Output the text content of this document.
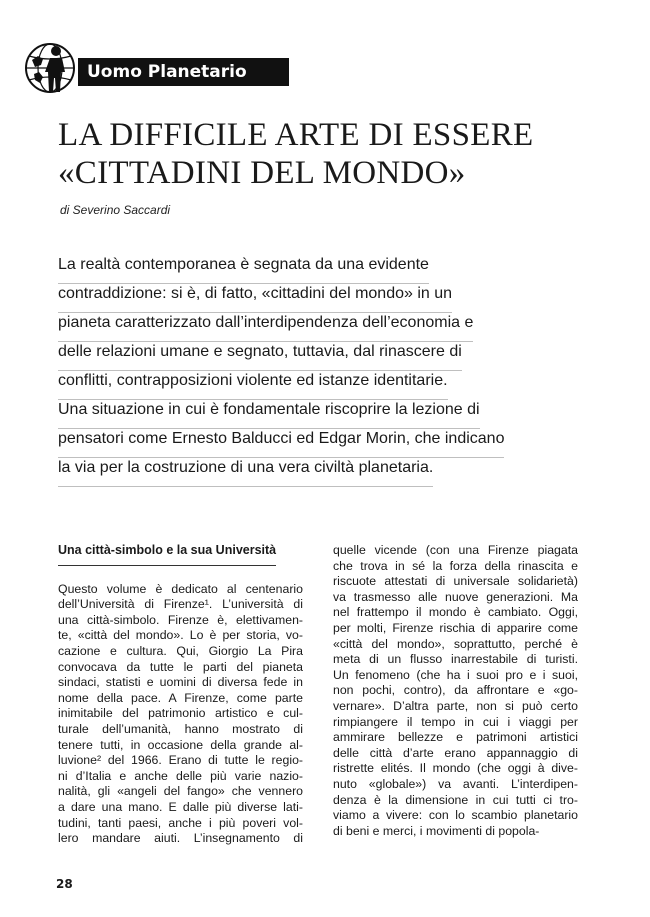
Uomo Planetario
LA DIFFICILE ARTE DI ESSERE
«CITTADINI DEL MONDO»
di Severino Saccardi
La realtà contemporanea è segnata da una evidente
contraddizione: si è, di fatto, «cittadini del mondo» in un
pianeta caratterizzato dall’interdipendenza dell’economia e
delle relazioni umane e segnato, tuttavia, dal rinascere di
conflitti, contrapposizioni violente ed istanze identitarie.
Una situazione in cui è fondamentale riscoprire la lezione di
pensatori come Ernesto Balducci ed Edgar Morin, che indicano
la via per la costruzione di una vera civiltà planetaria.
Una città-simbolo e la sua Università
Questo volume è dedicato al centenario
dell’Università di Firenze¹. L’università di
una città-simbolo. Firenze è, elettivamen-
te, «città del mondo». Lo è per storia, vo-
cazione e cultura. Qui, Giorgio La Pira
convocava da tutte le parti del pianeta
sindaci, statisti e uomini di diversa fede in
nome della pace. A Firenze, come parte
inimitabile del patrimonio artistico e cul-
turale dell’umanità, hanno mostrato di
tenere tutti, in occasione della grande al-
luvione² del 1966. Erano di tutte le regio-
ni d’Italia e anche delle più varie nazio-
nalità, gli «angeli del fango» che vennero
a dare una mano. E dalle più diverse lati-
tudini, tanti paesi, anche i più poveri vol-
lero mandare aiuti. L’insegnamento di
quelle vicende (con una Firenze piagata
che trova in sé la forza della rinascita e
riscuote attestati di universale solidarietà)
va trasmesso alle nuove generazioni. Ma
nel frattempo il mondo è cambiato. Oggi,
per molti, Firenze rischia di apparire come
«città del mondo», soprattutto, perché è
meta di un flusso inarrestabile di turisti.
Un fenomeno (che ha i suoi pro e i suoi,
non pochi, contro), da affrontare e «go-
vernare». D’altra parte, non si può certo
rimpiangere il tempo in cui i viaggi per
ammirare bellezze e patrimoni artistici
delle città d’arte erano appannaggio di
ristrette elités. Il mondo (che oggi à dive-
nuto «globale») va avanti. L’interdipen-
denza è la dimensione in cui tutti ci tro-
viamo a vivere: con lo scambio planetario
di beni e merci, i movimenti di popola-
28
